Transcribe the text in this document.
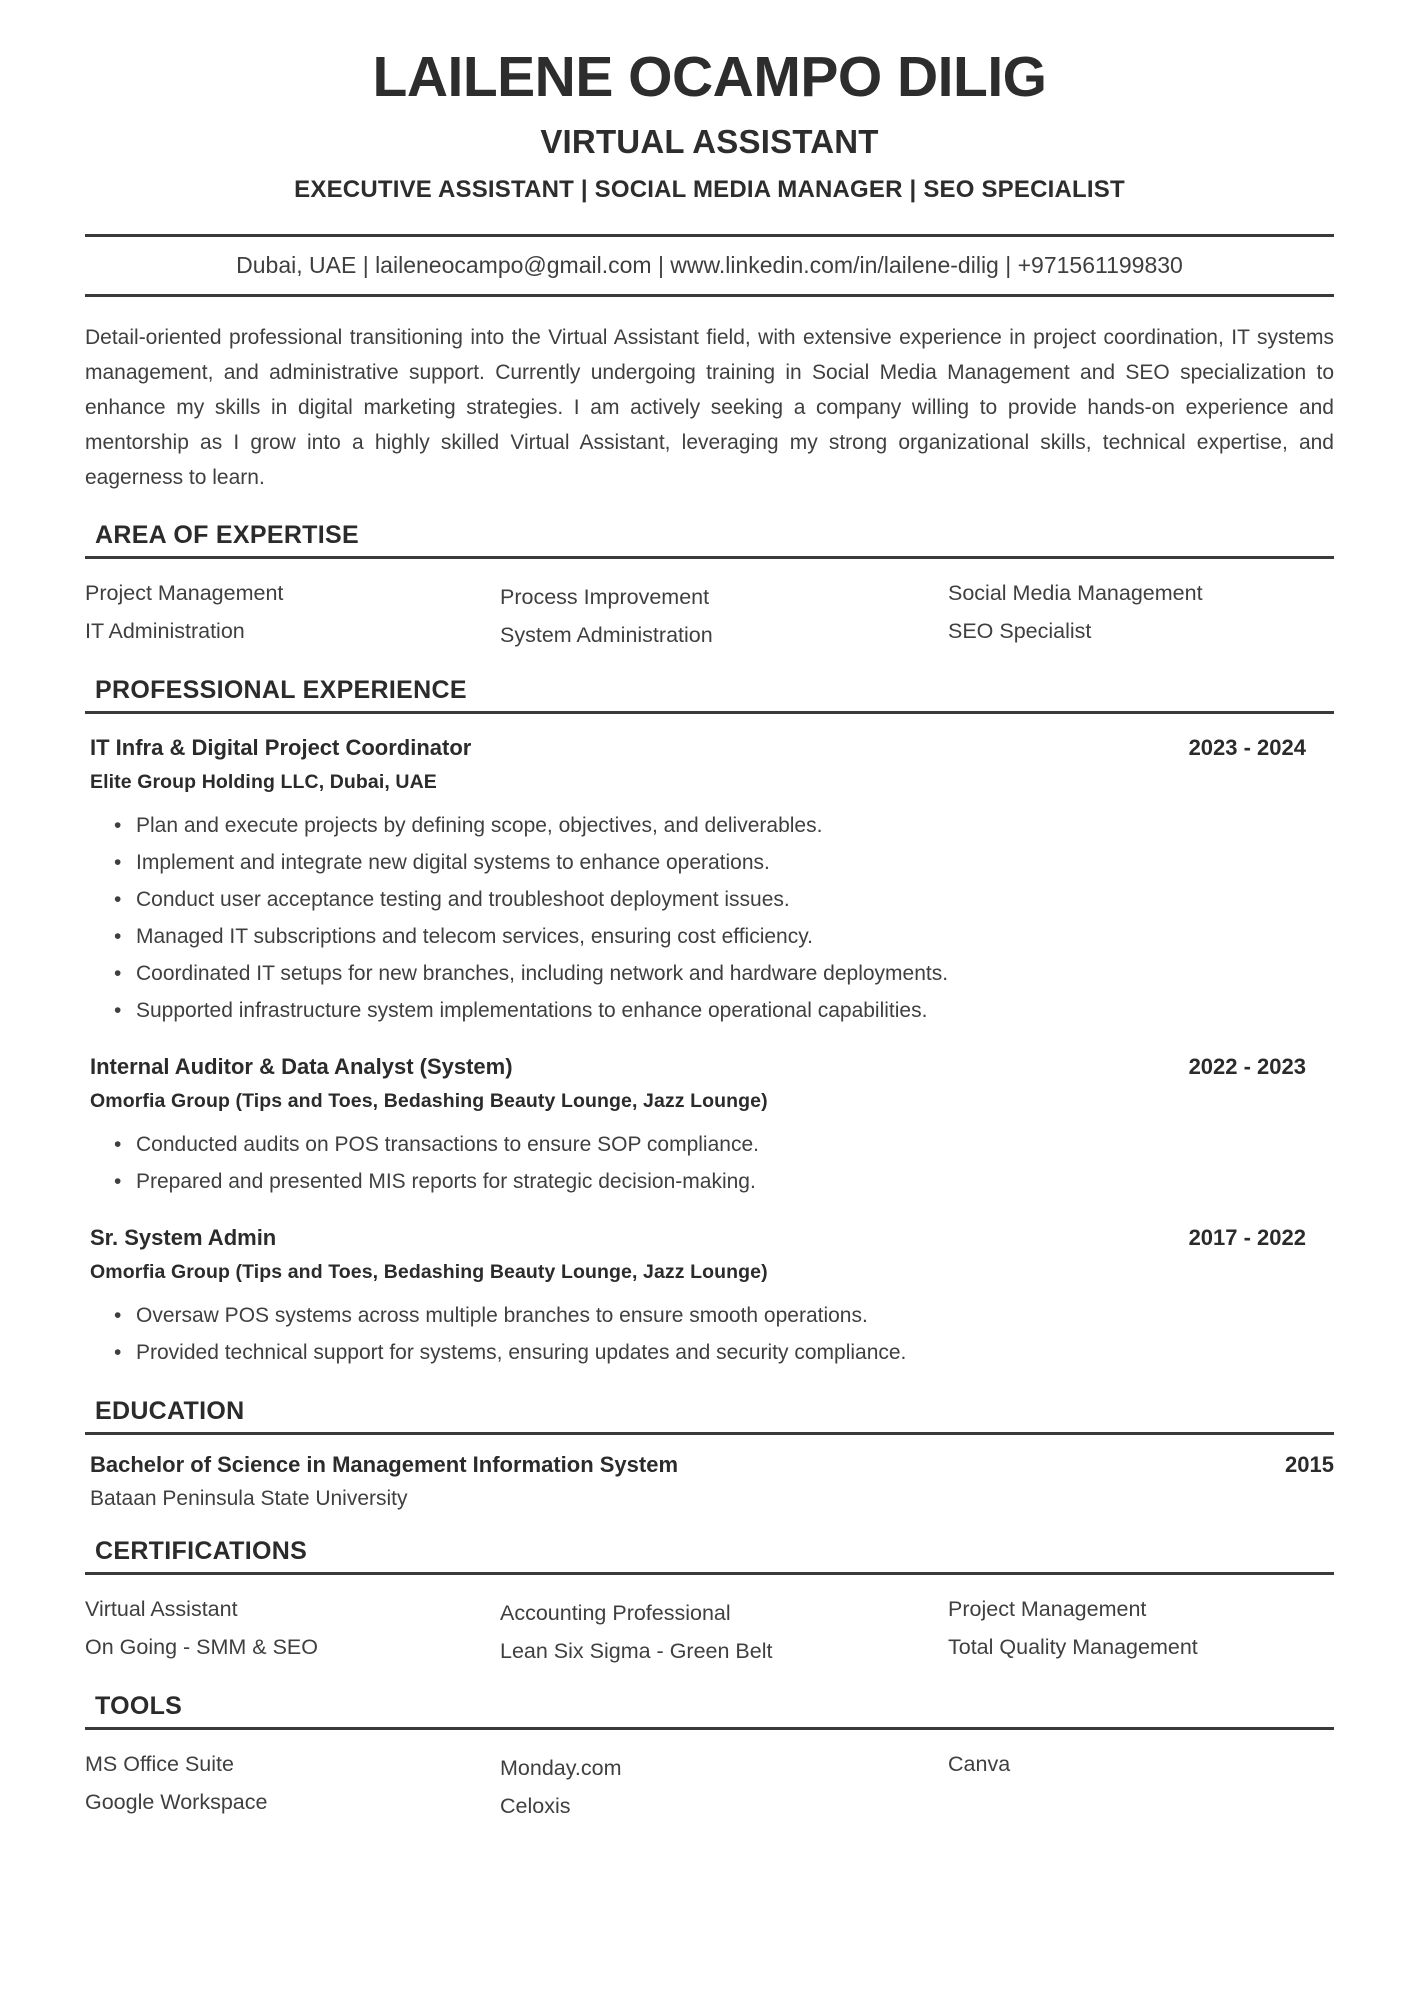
LAILENE OCAMPO DILIG
VIRTUAL ASSISTANT
EXECUTIVE ASSISTANT | SOCIAL MEDIA MANAGER | SEO SPECIALIST
Dubai, UAE | laileneocampo@gmail.com | www.linkedin.com/in/lailene-dilig | +971561199830

Detail-oriented professional transitioning into the Virtual Assistant field, with extensive experience in project coordination, IT systems management, and administrative support. Currently undergoing training in Social Media Management and SEO specialization to enhance my skills in digital marketing strategies. I am actively seeking a company willing to provide hands-on experience and mentorship as I grow into a highly skilled Virtual Assistant, leveraging my strong organizational skills, technical expertise, and eagerness to learn.

AREA OF EXPERTISE
Project Management
IT Administration
Process Improvement
System Administration
Social Media Management
SEO Specialist
PROFESSIONAL EXPERIENCE
IT Infra & Digital Project Coordinator
Elite Group Holding LLC, Dubai, UAE
2023 - 2024
• Plan and execute projects by defining scope, objectives, and deliverables.
• Implement and integrate new digital systems to enhance operations.
• Conduct user acceptance testing and troubleshoot deployment issues.
• Managed IT subscriptions and telecom services, ensuring cost efficiency.
• Coordinated IT setups for new branches, including network and hardware deployments.
• Supported infrastructure system implementations to enhance operational capabilities.
Internal Auditor & Data Analyst (System)
Omorfia Group (Tips and Toes, Bedashing Beauty Lounge, Jazz Lounge)
2022 - 2023
• Conducted audits on POS transactions to ensure SOP compliance.
• Prepared and presented MIS reports for strategic decision-making.
Sr. System Admin
Omorfia Group (Tips and Toes, Bedashing Beauty Lounge, Jazz Lounge)
2017 - 2022
• Oversaw POS systems across multiple branches to ensure smooth operations.
• Provided technical support for systems, ensuring updates and security compliance.
EDUCATION
Bachelor of Science in Management Information System	2015
Bataan Peninsula State University
CERTIFICATIONS
Virtual Assistant
On Going - SMM & SEO
Accounting Professional
Lean Six Sigma - Green Belt
Project Management
Total Quality Management
TOOLS
MS Office Suite
Google Workspace
Monday.com
Celoxis
Canva
